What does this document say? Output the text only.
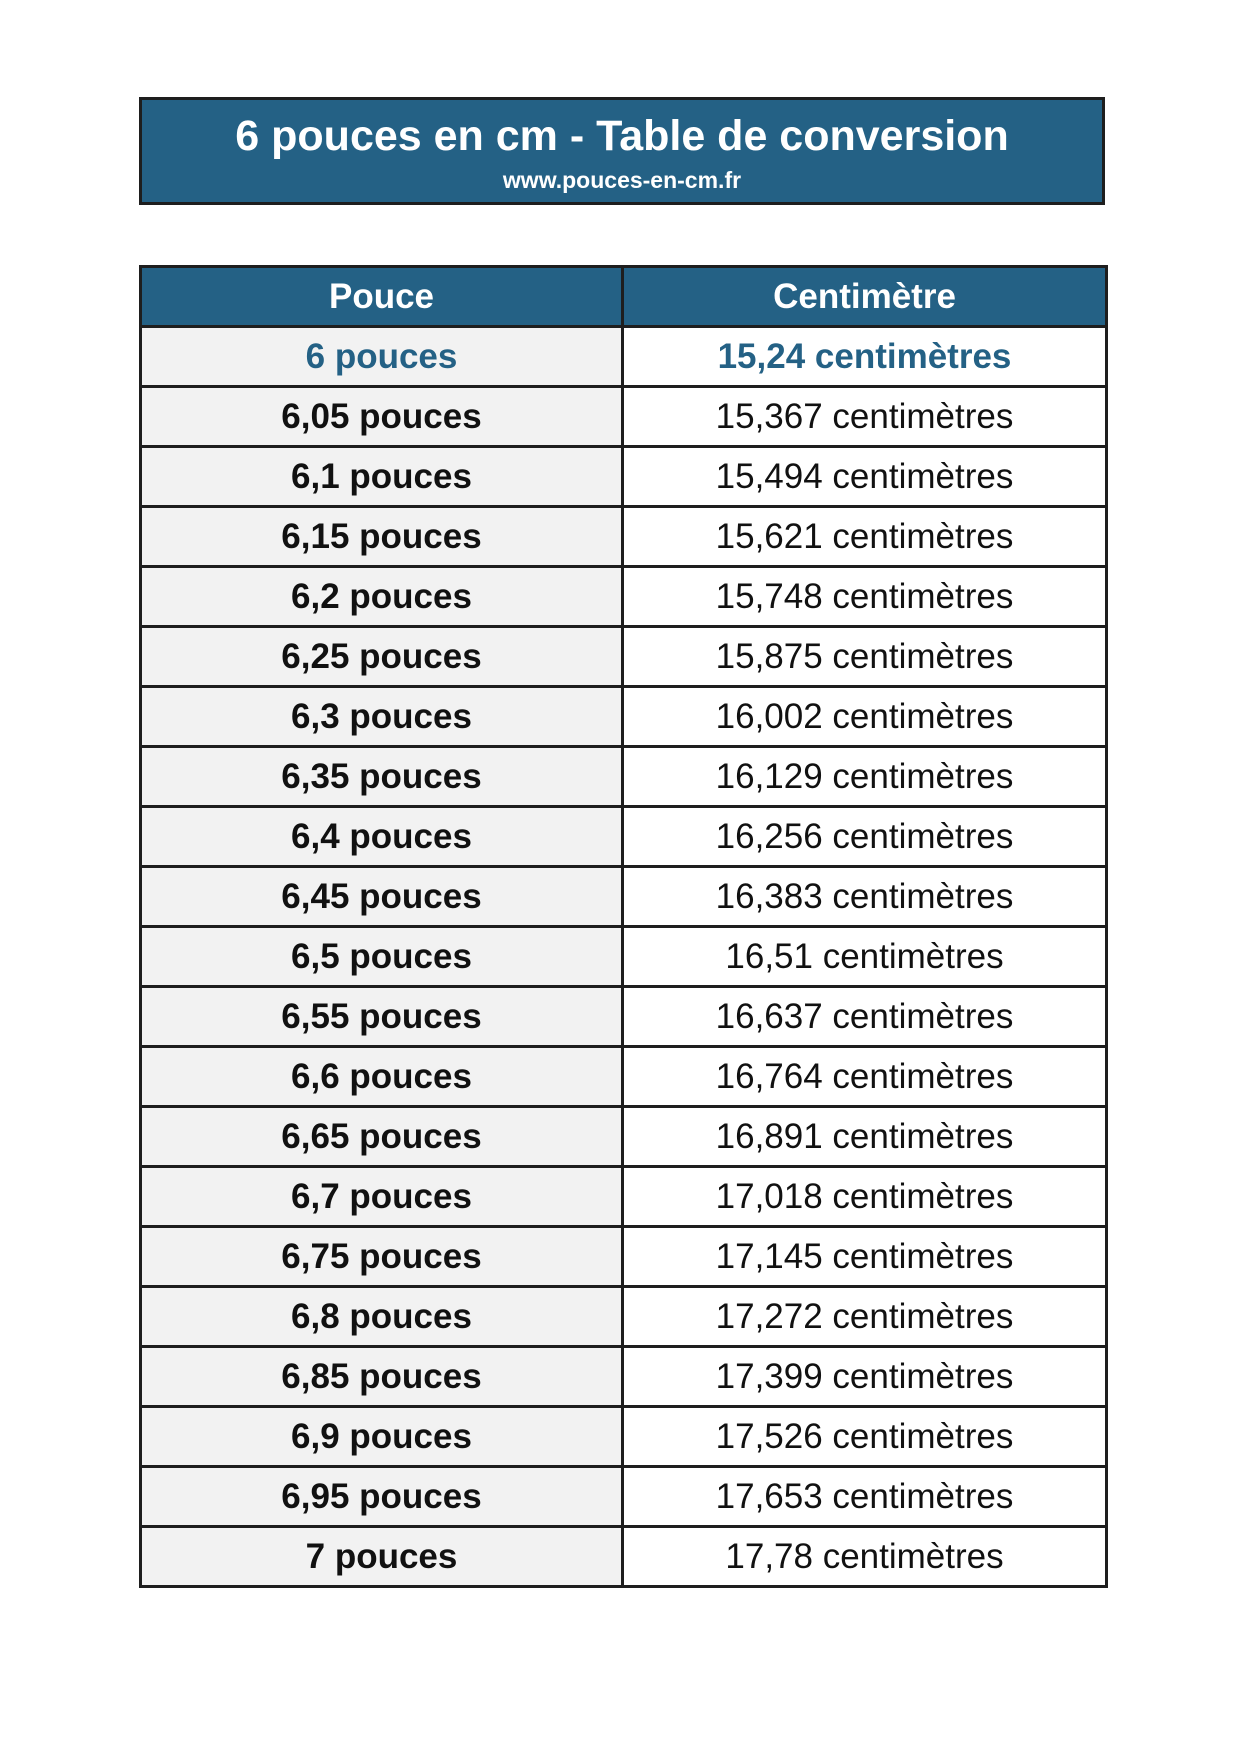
6 pouces en cm - Table de conversion
www.pouces-en-cm.fr
Pouce	Centimètre
6 pouces	15,24 centimètres
6,05 pouces	15,367 centimètres
6,1 pouces	15,494 centimètres
6,15 pouces	15,621 centimètres
6,2 pouces	15,748 centimètres
6,25 pouces	15,875 centimètres
6,3 pouces	16,002 centimètres
6,35 pouces	16,129 centimètres
6,4 pouces	16,256 centimètres
6,45 pouces	16,383 centimètres
6,5 pouces	16,51 centimètres
6,55 pouces	16,637 centimètres
6,6 pouces	16,764 centimètres
6,65 pouces	16,891 centimètres
6,7 pouces	17,018 centimètres
6,75 pouces	17,145 centimètres
6,8 pouces	17,272 centimètres
6,85 pouces	17,399 centimètres
6,9 pouces	17,526 centimètres
6,95 pouces	17,653 centimètres
7 pouces	17,78 centimètres
